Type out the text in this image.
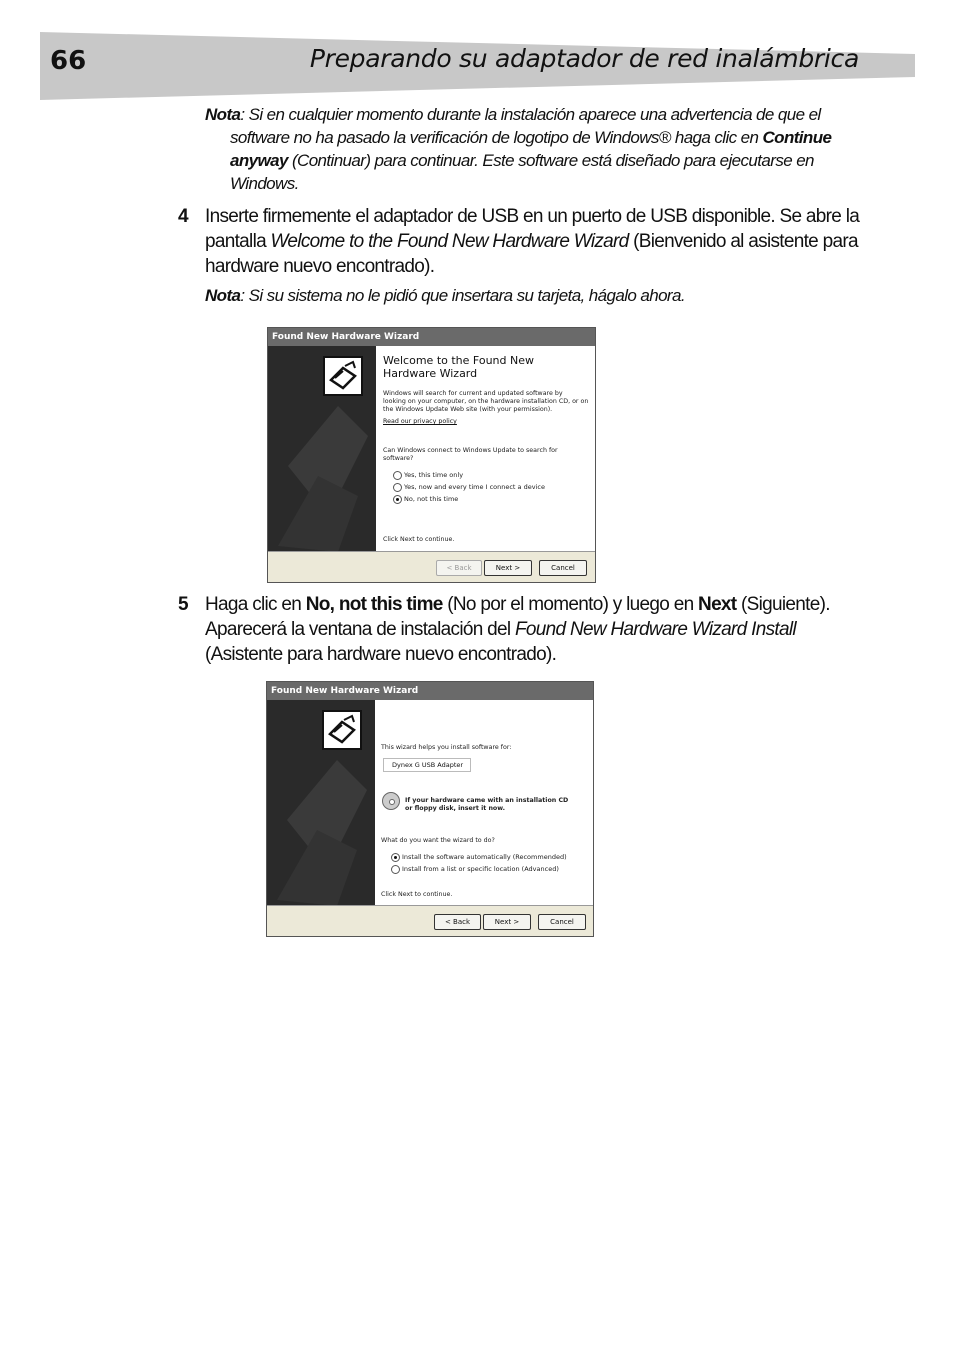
66	Preparando su adaptador de red inalámbrica
Nota: Si en cualquier momento durante la instalación aparece una advertencia de que el
software no ha pasado la verificación de logotipo de Windows® haga clic en Continue
anyway (Continuar) para continuar. Este software está diseñado para ejecutarse en
Windows.
4 Inserte firmemente el adaptador de USB en un puerto de USB disponible. Se abre la pantalla Welcome to the Found New Hardware Wizard (Bienvenido al asistente para hardware nuevo encontrado).
Nota: Si su sistema no le pidió que insertara su tarjeta, hágalo ahora.
Found New Hardware Wizard
Welcome to the Found New
Hardware Wizard
Windows will search for current and updated software by
looking on your computer, on the hardware installation CD, or on
the Windows Update Web site (with your permission).
Read our privacy policy
Can Windows connect to Windows Update to search for
software?
Yes, this time only
Yes, now and every time I connect a device
No, not this time
Click Next to continue.
< Back	Next >	Cancel
5 Haga clic en No, not this time (No por el momento) y luego en Next (Siguiente). Aparecerá la ventana de instalación del Found New Hardware Wizard Install (Asistente para hardware nuevo encontrado).
Found New Hardware Wizard
This wizard helps you install software for:
Dynex G USB Adapter
If your hardware came with an installation CD
or floppy disk, insert it now.
What do you want the wizard to do?
Install the software automatically (Recommended)
Install from a list or specific location (Advanced)
Click Next to continue.
< Back	Next >	Cancel
